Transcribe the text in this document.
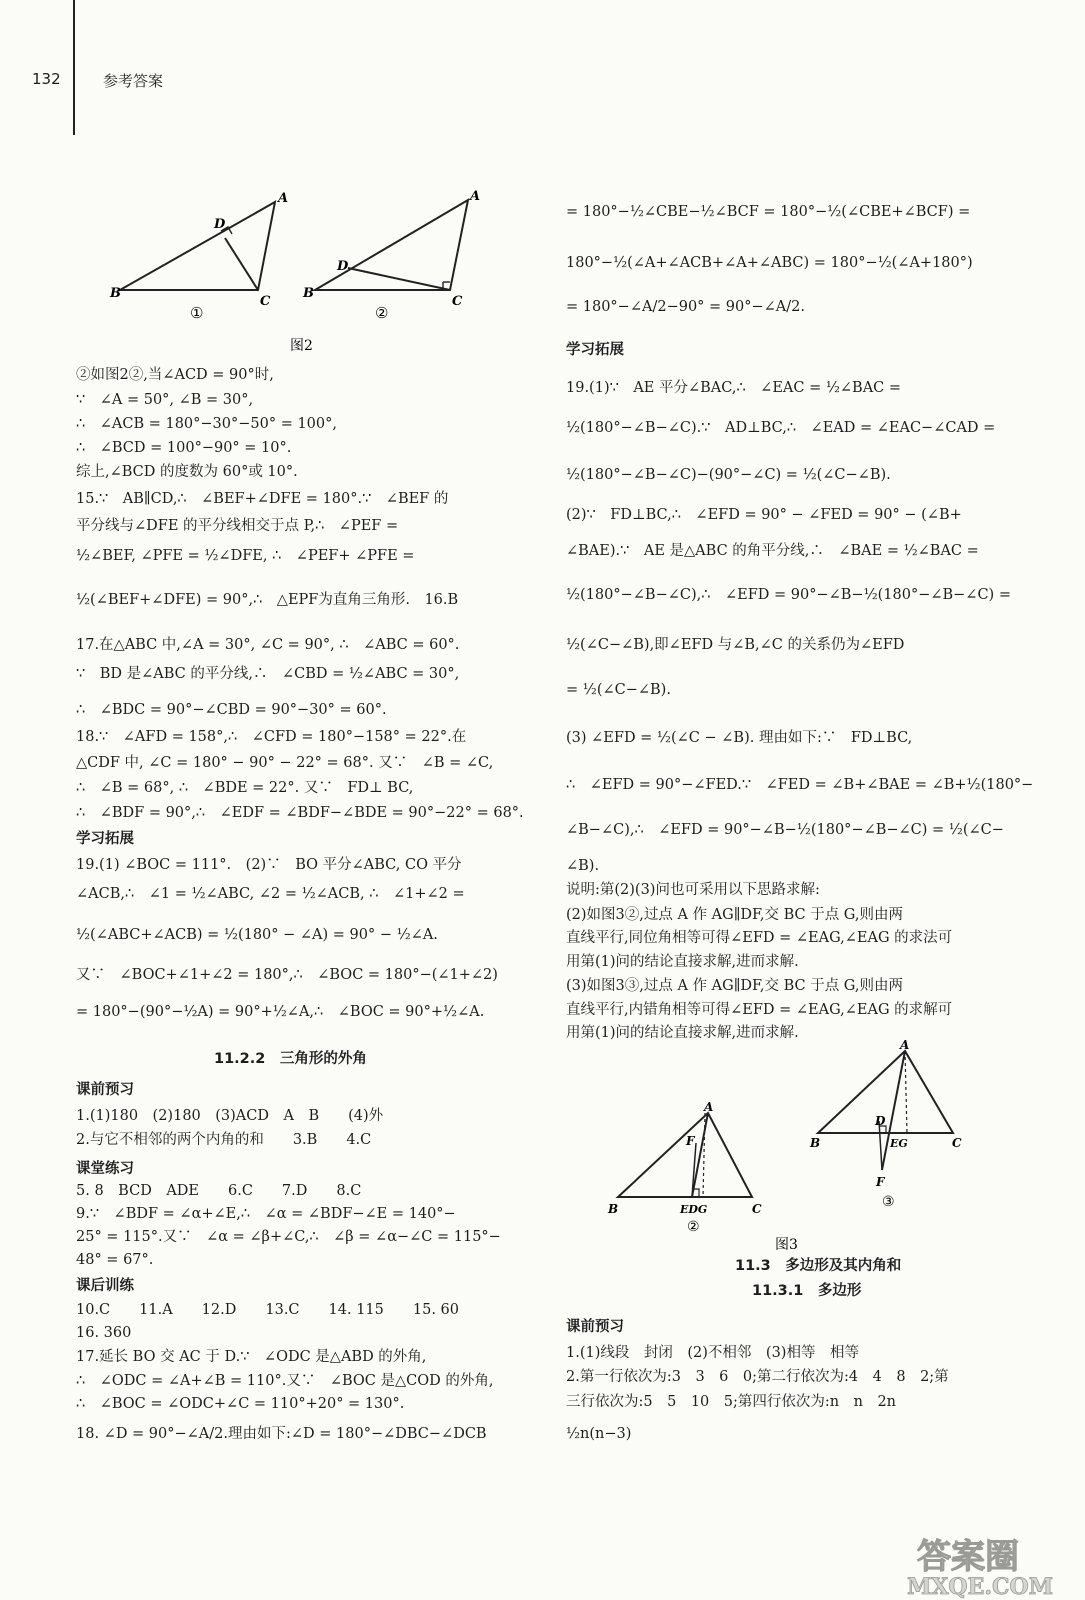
132	参考答案
B
A
C
D
①
B
A
C
D
②
图2
②如图2②,当∠ACD = 90°时,
∵　∠A = 50°, ∠B = 30°,
∴　∠ACB = 180°−30°−50° = 100°,
∴　∠BCD = 100°−90° = 10°.
综上,∠BCD 的度数为 60°或 10°.
15.∵　AB∥CD,∴　∠BEF+∠DFE = 180°.∵　∠BEF 的
平分线与∠DFE 的平分线相交于点 P,∴　∠PEF =
½∠BEF, ∠PFE = ½∠DFE, ∴　∠PEF+ ∠PFE =
½(∠BEF+∠DFE) = 90°,∴　△EPF为直角三角形.　16.B
17.在△ABC 中,∠A = 30°, ∠C = 90°, ∴　∠ABC = 60°.
∵　BD 是∠ABC 的平分线,∴　∠CBD = ½∠ABC = 30°,
∴　∠BDC = 90°−∠CBD = 90°−30° = 60°.
18.∵　∠AFD = 158°,∴　∠CFD = 180°−158° = 22°.在
△CDF 中, ∠C = 180° − 90° − 22° = 68°. 又∵　∠B = ∠C,
∴　∠B = 68°, ∴　∠BDE = 22°. 又∵　FD⊥ BC,
∴　∠BDF = 90°,∴　∠EDF = ∠BDF−∠BDE = 90°−22° = 68°.
学习拓展
19.(1) ∠BOC = 111°.　(2)∵　BO 平分∠ABC, CO 平分
∠ACB,∴　∠1 = ½∠ABC, ∠2 = ½∠ACB, ∴　∠1+∠2 =
½(∠ABC+∠ACB) = ½(180° − ∠A) = 90° − ½∠A.
又∵　∠BOC+∠1+∠2 = 180°,∴　∠BOC = 180°−(∠1+∠2)
= 180°−(90°−½A) = 90°+½∠A,∴　∠BOC = 90°+½∠A.
11.2.2　三角形的外角
课前预习
1.(1)180　(2)180　(3)ACD　A　B　　(4)外
2.与它不相邻的两个内角的和　　3.B　　4.C
课堂练习
5. 8　BCD　ADE　　6.C　　7.D　　8.C
9.∵　∠BDF = ∠α+∠E,∴　∠α = ∠BDF−∠E = 140°−
25° = 115°.又∵　∠α = ∠β+∠C,∴　∠β = ∠α−∠C = 115°−
48° = 67°.
课后训练
10.C　　11.A　　12.D　　13.C　　14. 115　　15. 60
16. 360
17.延长 BO 交 AC 于 D.∵　∠ODC 是△ABD 的外角,
∴　∠ODC = ∠A+∠B = 110°.又∵　∠BOC 是△COD 的外角,
∴　∠BOC = ∠ODC+∠C = 110°+20° = 130°.
18. ∠D = 90°−∠A/2.理由如下:∠D = 180°−∠DBC−∠DCB
= 180°−½∠CBE−½∠BCF = 180°−½(∠CBE+∠BCF) =
180°−½(∠A+∠ACB+∠A+∠ABC) = 180°−½(∠A+180°)
= 180°−∠A/2−90° = 90°−∠A/2.
学习拓展
19.(1)∵　AE 平分∠BAC,∴　∠EAC = ½∠BAC =
½(180°−∠B−∠C).∵　AD⊥BC,∴　∠EAD = ∠EAC−∠CAD =
½(180°−∠B−∠C)−(90°−∠C) = ½(∠C−∠B).
(2)∵　FD⊥BC,∴　∠EFD = 90° − ∠FED = 90° − (∠B+
∠BAE).∵　AE 是△ABC 的角平分线,∴　∠BAE = ½∠BAC =
½(180°−∠B−∠C),∴　∠EFD = 90°−∠B−½(180°−∠B−∠C) =
½(∠C−∠B),即∠EFD 与∠B,∠C 的关系仍为∠EFD
= ½(∠C−∠B).
(3) ∠EFD = ½(∠C − ∠B). 理由如下:∵　FD⊥BC,
∴　∠EFD = 90°−∠FED.∵　∠FED = ∠B+∠BAE = ∠B+½(180°−
∠B−∠C),∴　∠EFD = 90°−∠B−½(180°−∠B−∠C) = ½(∠C−
∠B).
说明:第(2)(3)问也可采用以下思路求解:
(2)如图3②,过点 A 作 AG∥DF,交 BC 于点 G,则由两
直线平行,同位角相等可得∠EFD = ∠EAG,∠EAG 的求法可
用第(1)问的结论直接求解,进而求解.
(3)如图3③,过点 A 作 AG∥DF,交 BC 于点 G,则由两
直线平行,内错角相等可得∠EFD = ∠EAG,∠EAG 的求解可
用第(1)问的结论直接求解,进而求解.
11.3　多边形及其内角和
11.3.1　多边形
课前预习
1.(1)线段　封闭　(2)不相邻　(3)相等　相等
2.第一行依次为:3　3　6　0;第二行依次为:4　4　8　2;第
三行依次为:5　5　10　5;第四行依次为:n　n　2n
½n(n−3)
A
F
B	C
EDG
②
A
D
B	C
EG
F
③
图3
答案圈
MXQE.COM
